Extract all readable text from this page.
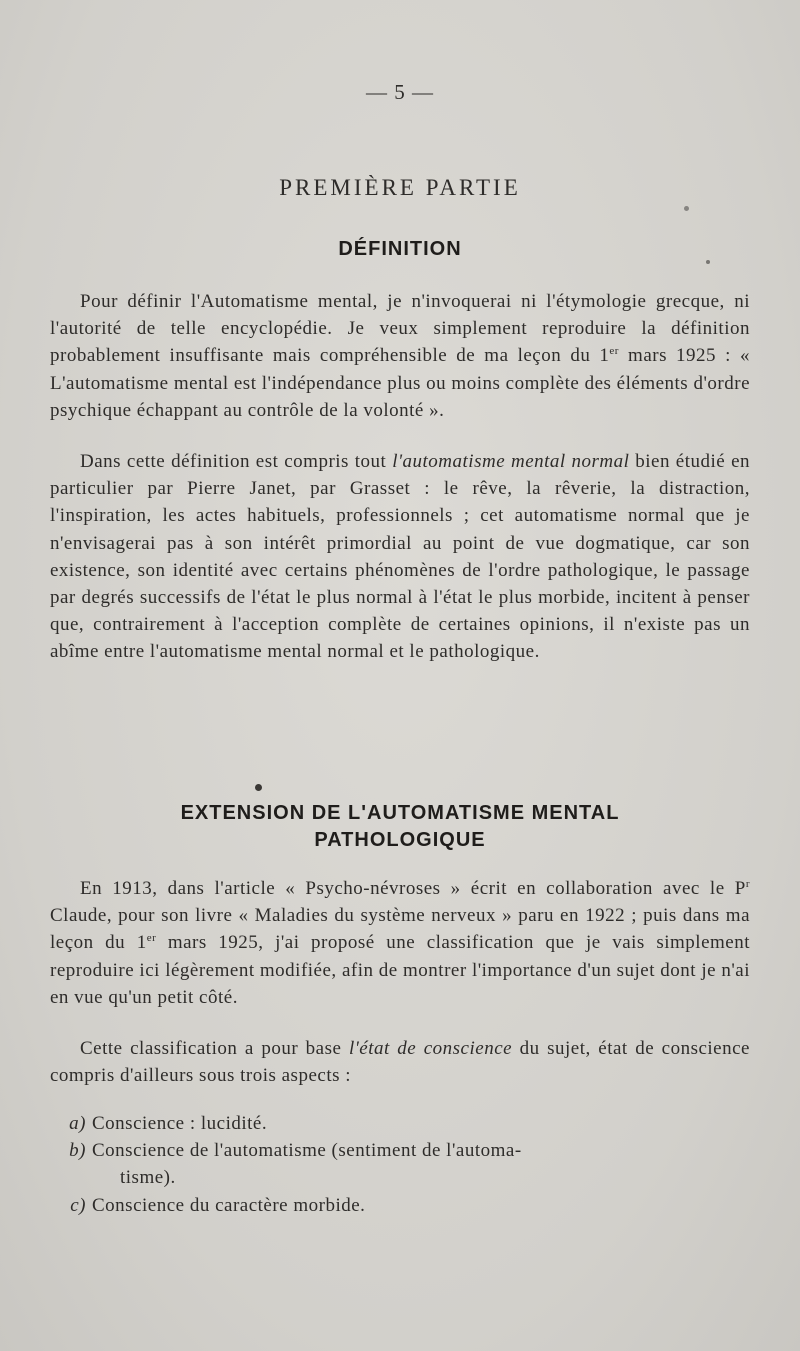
— 5 —
PREMIÈRE PARTIE
DÉFINITION

Pour définir l'Automatisme mental, je n'invoquerai ni l'étymologie grecque, ni l'autorité de telle encyclopédie. Je veux simplement reproduire la définition probablement insuffisante mais compréhensible de ma leçon du 1er mars 1925 : « L'automatisme mental est l'indépendance plus ou moins complète des éléments d'ordre psychique échappant au contrôle de la volonté ».

Dans cette définition est compris tout l'automatisme mental normal bien étudié en particulier par Pierre Janet, par Grasset : le rêve, la rêverie, la distraction, l'inspiration, les actes habituels, professionnels ; cet automatisme normal que je n'envisagerai pas à son intérêt primordial au point de vue dogmatique, car son existence, son identité avec certains phénomènes de l'ordre pathologique, le passage par degrés successifs de l'état le plus normal à l'état le plus morbide, incitent à penser que, contrairement à l'acception complète de certaines opinions, il n'existe pas un abîme entre l'automatisme mental normal et le pathologique.

EXTENSION DE L'AUTOMATISME MENTAL
PATHOLOGIQUE

En 1913, dans l'article « Psycho-névroses » écrit en collaboration avec le $P^r$ Claude, pour son livre « Maladies du système nerveux » paru en 1922 ; puis dans ma leçon du 1er mars 1925, j'ai proposé une classification que je vais simplement reproduire ici légèrement modifiée, afin de montrer l'importance d'un sujet dont je n'ai en vue qu'un petit côté.

Cette classification a pour base l'état de conscience du sujet, état de conscience compris d'ailleurs sous trois aspects :

a) Conscience : lucidité.
b) Conscience de l'automatisme (sentiment de l'automa-
tisme).
c) Conscience du caractère morbide.
